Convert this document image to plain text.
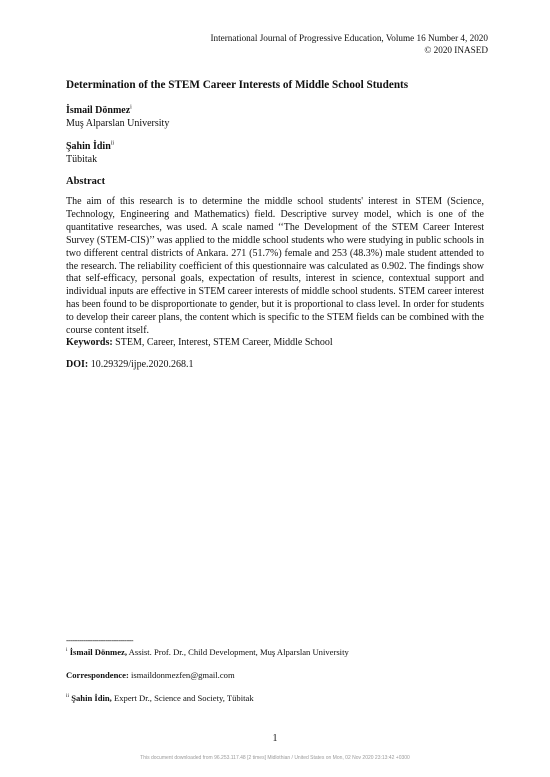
International Journal of Progressive Education, Volume 16 Number 4, 2020
© 2020 INASED
Determination of the STEM Career Interests of Middle School Students
İsmail Dönmez$^i$
Muş Alparslan University
Şahin İdin$^{ii}$
Tübitak
Abstract
The aim of this research is to determine the middle school students' interest in STEM (Science, Technology, Engineering and Mathematics) field. Descriptive survey model, which is one of the quantitative researches, was used. A scale named ‘‘The Development of the STEM Career Interest Survey (STEM-CIS)’’ was applied to the middle school students who were studying in public schools in two different central districts of Ankara. 271 (51.7%) female and 253 (48.3%) male student attended to the research. The reliability coefficient of this questionnaire was calculated as 0.902. The findings show that self-efficacy, personal goals, expectation of results, interest in science, contextual support and individual inputs are effective in STEM career interests of middle school students. STEM career interest has been found to be disproportionate to gender, but it is proportional to class level. In order for students to develop their career plans, the content which is specific to the STEM fields can be combined with the course content itself.
Keywords: STEM, Career, Interest, STEM Career, Middle School
DOI: 10.29329/ijpe.2020.268.1
-------------------------------
$^i$ İsmail Dönmez, Assist. Prof. Dr., Child Development, Muş Alparslan University
Correspondence: ismaildonmezfen@gmail.com
$^{ii}$ Şahin İdin, Expert Dr., Science and Society, Tübitak
1
This document downloaded from 96.253.117.48 [2 times] Midlothian / United States on Mon, 02 Nov 2020 23:13:42 +0300
